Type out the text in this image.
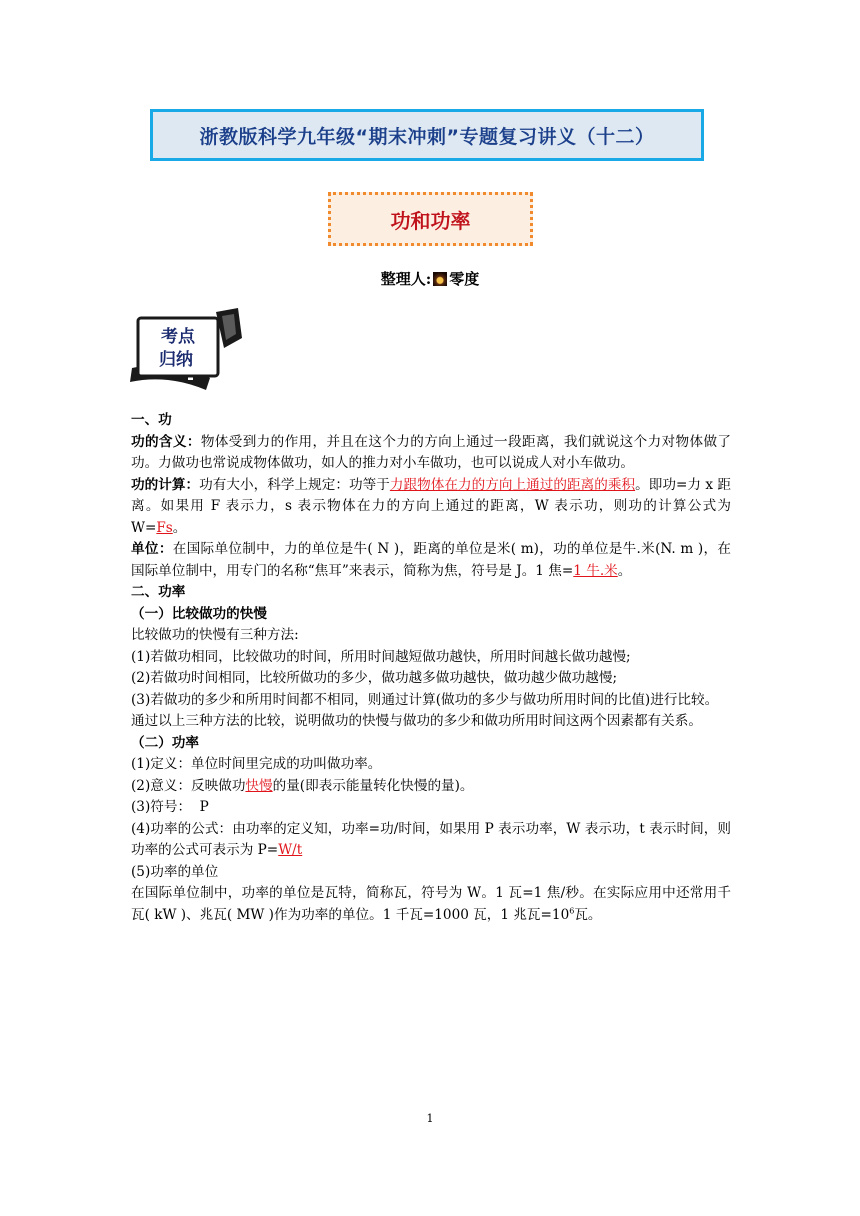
浙教版科学九年级“期末冲刺”专题复习讲义（十二）
功和功率
整理人: 零度
考点
归纳

一、功

功的含义：物体受到力的作用，并且在这个力的方向上通过一段距离，我们就说这个力对物体做了功。力做功也常说成物体做功，如人的推力对小车做功，也可以说成人对小车做功。

功的计算：功有大小，科学上规定：功等于力跟物体在力的方向上通过的距离的乘积。即功=力 x 距离。如果用 F 表示力，s 表示物体在力的方向上通过的距离，W 表示功，则功的计算公式为 W=Fs。

单位：在国际单位制中，力的单位是牛( N )，距离的单位是米( m)，功的单位是牛.米(N. m )，在国际单位制中，用专门的名称“焦耳”来表示，简称为焦，符号是 J。1 焦=1 牛.米。

二、功率

（一）比较做功的快慢

比较做功的快慢有三种方法:

(1)若做功相同，比较做功的时间，所用时间越短做功越快，所用时间越长做功越慢;

(2)若做功时间相同，比较所做功的多少，做功越多做功越快，做功越少做功越慢;

(3)若做功的多少和所用时间都不相同，则通过计算(做功的多少与做功所用时间的比值)进行比较。

通过以上三种方法的比较，说明做功的快慢与做功的多少和做功所用时间这两个因素都有关系。

（二）功率

(1)定义：单位时间里完成的功叫做功率。

(2)意义：反映做功快慢的量(即表示能量转化快慢的量)。

(3)符号：  P

(4)功率的公式：由功率的定义知，功率=功/时间，如果用 P 表示功率，W 表示功，t 表示时间，则功率的公式可表示为 P=W/t

(5)功率的单位

在国际单位制中，功率的单位是瓦特，简称瓦，符号为 W。1 瓦=1 焦/秒。在实际应用中还常用千瓦( kW )、兆瓦( MW )作为功率的单位。1 千瓦=1000 瓦，1 兆瓦$=10^6$瓦。

1
